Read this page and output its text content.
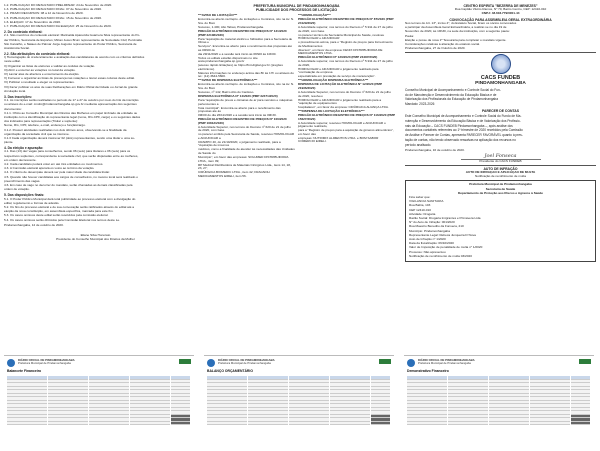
1.2. PUBLICAÇÃO DO RESULTADO PRELIMINAR: 24 de Novembro de 2020.
1.3. PUBLICAÇÃO DO RESULTADO FINAL: 07 de Novembro de 2020.
1.4. PRAZO RECURSOS: 08 a 12 de Novembro de 2020.
1.5. PUBLICAÇÃO DO RESULTADO FINAL: 15 de Novembro de 2020.
1.6. ELEIÇÃO: 17 de Novembro de 2020.
1.7. PUBLICAÇÃO DO RESULTADO DA ELEIÇÃO: 25 de Novembro de 2020.
2. Do conteúdo eleitoral:
2.1. São membros do conteúdo eleitoral: Marinalda Aparecida Guarnera Silva representante do Po-
der Público, Secretaria de Esportes; Mirian Jesus Brum representante da Sociedade Civil; Percinalia
Silo Carvalho, e Nataes de Palmar Jorge Augusto representante do Poder Público, Secretaria de
Assistência Social.
2.2. São atribuições do conteúdo eleitoral:
I) Homologação do credenciamento e avaliação das candidaturas de acordo com os critérios definidos
neste edital.
II) Organizar as listas de eleitores e validar as cédulas de votação.
III) Abrir e encerrar as votações no local da votação.
IV) Lavrar atas de abertura e encerramento da eleição.
V) Fornecer e organizar as listas de presença nas votações e lavrar essas colunas deste edital.
VI) Publicar o resultado e eleger os representantes.
VII) Fazer publicar os atos de suas Deliberações em Diário Oficial da Cidade ou Jornal de grande
circulação local.
3. Das inscrições:
3.1. As inscrições serão realizadas no período de 17 a 27 de outubro por meio do link da inscrição
ou através do e-mail: cmdm@rindamonhangaba.sp.gov.br mediante apresentação dos seguintes
documentos:
3.1.1. Ofício ao Conselho Municipal dos Direitos das Mulheres em papel timbrado da entidade ou
instituição com a identificação do representante legal (nome, RG-CPF, cargo) e os seguintes dados
dos indicados para representação (Titular e suplente):
Nome, RG, CPF, telefone, e-mail, endereço e função/cargo.
3.1.2. Possuir atividades realizadas nos dois últimos anos, observando-se a finalidade da
organização da sociedade civil que se inscreve.
3.1.3 Cada organização deverá inscrever 02 (dois) representantes, sendo uma titular e uma su-
plente.
4. Da eleição e apuração:
4.1. Das (13) dez vagas para conselheiros, sendo 06 (seis) para titulares e 06 (seis) para os
respectivos suplentes, correspondente à sociedade civil, que serão disputadas entre as mulheres,
em ordem decrescente.
4.2. Cada candidato poderá votar em até três entidades ou movimentos.
4.3. A Comissão eleitoral apurará os votos ao término da votação.
4.4. O critério de desempate deverá ser pela maior idade da candidata titular.
4.5. Quando não houver candidatas aos cargos de conselheiros, no mesmo local será realizado o
preenchimento das vagas.
4.6. Em caso de vago no decorrer do mandato, serão chamadas as demais classificadas pela
ordem de votação.
5. Das disposições finais:
5.1. O Poder Público Municipal dará total publicidade ao processo eleitoral com a divulgação do
edital, regulamento e formas de adesão.
5.2. Os fins do processo eleitoral e de sua convocação serão ratificados através do edital até a
eleição da nova constituição, em assembleia específica, marcada para este fim.
5.3. Os casos omissos deste edital serão resolvidos pela comissão eleitoral.
5.4. Os casos omissos serão dirimidos pela Comissão Eleitoral nos termos deste Le.
Pindamonhangaba, 14 de outubro de 2020.
Eliane Silva Honorato
Presidente do Conselho Municipal dos Direitos da Mulher
PREFEITURA MUNICIPAL DE PINDAMONHANGABA
PUBLICIDADE DOS PROCESSOS DE LICITAÇÃO
***AVISO DE LICITAÇÃO***
Encontra-se aberto na Depto. de Licitações e Contratos, sito na Av. N. Sra. do Bom
Sucesso, 1.400, Alto Tabaú, Pindamonhangaba.
PREGÃO ELETRÔNICO REGISTRO DE PREÇOS Nº 121/2020 (PMP 22108/2020)
Para "aquisição de material elétrico e hidráulico para a Secretaria de Obras e
Serviços". Encontra-se aberto para o recebimento das propostas até as 09h00 do
dia 29/11/2020 e a sessão terá início às 09h00 às 10h00.
Todos os editais estarão disponíveis no site www.pindamonhangaba.sp.gov.br
(acesso rápido licitações) ou https://bnl-digital.gov.br (pregões eletrônicos).
Maiores informações no endereço acima das 8h às 17h ou através do tel.: (12) 3644-5600.
***AVISO DE DISPENSA ELETRÔNICA***
Encontra-se aberto na Depto. de Licitações e Contratos, sito na Av. N. Sra. do Bom
Sucesso, nº 142, Bairro Alto do Cardoso.
DISPENSA ELETRÔNICA Nº 14/2020 (PMP 32471/2020)
Para "aquisição de pneus e câmaras de ar para veículos e máquinas pertencentes a
frota municipal". Encontra-se aberto para o recebimento das propostas até às
09h00 do dia 26/11/2020 e a sessão terá início às 09h30.
PREGÃO ELETRÔNICO REGISTRO DE PREÇOS Nº 100/2020 (PMP 16812/2020)
A Autoridade Superior, nos termos do Decreto nº 620 de 21 de julho de 2020, com base
no parecer emitido pela Secretaria de Saúde, resolveu HOMOLOGAR e ADJUDICAR a
CRAMPO 40, do 21/10/2020, o julgamento realizado, para a "Aquisição de insumos
médicos, como a finalidade de atender às necessidades das Unidades de Saúde do
Município", em favor das empresas: SOLUMED DISTRIBUIDORA LTDA., item 09;
RP Medical Distribuidora de Materiais Cirúrgicos Ltda., itens 14, 18, 23, 27;
CIRÚRGICA BIOMEDIC LTDA., item 42; FRAGNOLI MEDICAMENTOS EIRELI, item 56.
***HOMOLOGAÇÃO***
PREGÃO ELETRÔNICO REGISTRO DE PREÇOS Nº 87/2020 (PMP 24129/2020)
A Autoridade superior, nos termos do Decreto nº 5.911 de 27 de julho de 2020, com base
no parecer técnico da Secretaria Municipal de Saúde, resolveu HOMOLOGAR e ADJUDICAR
o procedimento acima, para o "Registro de preços para fornecimento de Medicamentos
diversos", em favor da empresa: FENIX DISTRIBUIDORA DE MEDICAMENTOS LTDA.
PREGÃO ELETRÔNICO Nº 120/2020 (PMP 23487/2020)
A Autoridade superior, nos termos do Decreto nº 5.911 de 27 de julho de 2020,
HOMOLOGAR e ADJUDICAR o julgamento realizado para "contratação de empresa
especializada em prestação de serviço de manutenção".
***HOMOLOGAÇÃO DISPENSA ELETRÔNICA***
DISPENSA DE LICITAÇÃO ELETRÔNICA Nº 12/2020 (PMP 21936/2020)
A Autoridade Superior, nos termos do Decreto nº 620 de 21 de julho de 2020, resolveu
HOMOLOGAR e ADJUDICAR o julgamento realizado para a "aquisição de equipamentos
hospitalares", em favor da empresa: CIRÚRGICA ALIANÇA LTDA.
***DISPENSA DE LICITAÇÃO ELETRÔNICA***
PREGÃO ELETRÔNICO REGISTRO DE PREÇOS Nº 116/2020 (PMP 15627/2020)
A Autoridade superior, resolveu HOMOLOGAR e ADJUDICAR o julgamento realizado,
para a "Registro de preços para a aquisição de gêneros alimentícios", em favor das
empresas: NUTRIMIX ALIMENTOS LTDA. e BOM SABOR COMÉRCIO EIRELI.
CENTRO ESPÍRITA "BEZERRA DE MENEZES"
Rua Capitão Vitório Ramos, Nº 70, Bairro Centro, CEP: 12410-010
CNPJ: 48.603.779/0001-44
CONVOCAÇÃO PARA ASSEMBLEIA GERAL EXTRAORDINÁRIA
Nos termos do Art. 13º, inciso 4º, do Estatuto Social, ficam os sócios convocados
a participar da Assembleia Geral Extraordinária, a realizar-se no dia 19 de
Novembro de 2020, às 19h30, na sede da instituição, com a seguinte pauta:
Pauta:
Eleição e posse da nova 1ª Tesouraria para completar o mandato vigente.
Considerações relativas à alteração do estatuto social.
Pindamonhangaba, 27 de Outubro de 2020.
CACS FUNDEB
PINDAMONHANGABA
Conselho Municipal de Acompanhamento e Controle Social do Fun-
do de Manutenção e Desenvolvimento da Educação Básica e de
Valorização dos Profissionais da Educação de Pindamonhangaba
Mandato: 2023-2026
PARECER DE CONTAS
Este Conselho Municipal de Acompanhamento e Controle Social do Fundo de Ma-
nutenção e Desenvolvimento da Educação Básica e de Valorização dos Profissio-
nais da Educação – CACS FUNDEB Pindamonhangaba –, após análise dos
documentos contábeis referentes ao 1º trimestre de 2020 recebidos pela Comissão
de Análise e Parecer de Contas, apresenta PARECER FAVORÁVEL quanto à pres-
tação de contas, não tendo observado ressalvas na aplicação dos recursos no
período analisado.
Pindamonhangaba, 16 de outubro de 2020.
Joel Fonseca
Presidente do CACS FUNDEB
AUTO DE INFRAÇÃO
AUTO DE INFRAÇÃO E APLICAÇÃO DE MULTA
Notificação de recolhimento de multa
Prefeitura Municipal de Pindamonhangaba
Secretaria de Saúde
Departamento de Proteção aos Riscos e Agravos à Saúde
Fica saber que:
VIGILÂNCIA SANITÁRIA
Rua Bahia, 103
CEP 12410-010
Atividade: Drogaria
Razão Social: Drogaria Imigrantes e Primavera Ltda
Nº do Auto de Infração: 001/2020
Rua Maestro Benedito da Fonseca, 210
Município: Pindamonhangaba
Representante Legal: Rebeca Junqueira D`Nova
Auto de Infração nº 1/2020
Data da fiscalização: 06/10/2020
Valor de Imposição de penalidade de multa nº 1/2020
Processo: Não apresentou
Notificação de recolhimento de multa 03/2020
DIÁRIO OFICIAL DE PINDAMONHANGABA
Prefeitura Municipal de Pindamonhangaba
Balancete Financeiro
DIÁRIO OFICIAL DE PINDAMONHANGABA
Prefeitura Municipal de Pindamonhangaba
BALANÇO ORÇAMENTÁRIO
DIÁRIO OFICIAL DE PINDAMONHANGABA
Prefeitura Municipal de Pindamonhangaba
Demonstrativo Financeiro
